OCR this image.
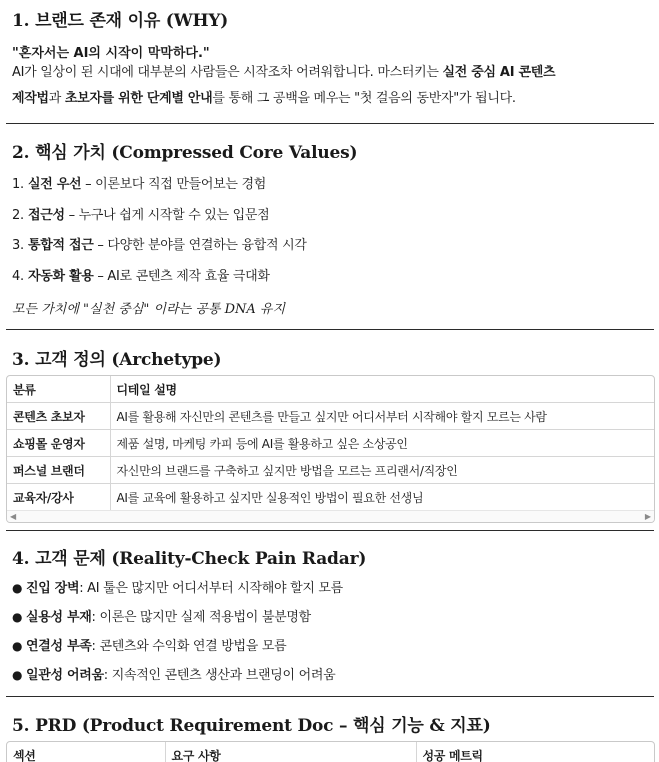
1. 브랜드 존재 이유 (WHY)

"혼자서는 AI의 시작이 막막하다."

AI가 일상이 된 시대에 대부분의 사람들은 시작조차 어려워합니다. 마스터키는 실전 중심 AI 콘텐츠
제작법과 초보자를 위한 단계별 안내를 통해 그 공백을 메우는 "첫 걸음의 동반자"가 됩니다.

2. 핵심 가치 (Compressed Core Values)
1. 실전 우선 – 이론보다 직접 만들어보는 경험
2. 접근성 – 누구나 쉽게 시작할 수 있는 입문점
3. 통합적 접근 – 다양한 분야를 연결하는 융합적 시각
4. 자동화 활용 – AI로 콘텐츠 제작 효율 극대화
모든 가치에 "실천 중심" 이라는 공통 DNA 유지
3. 고객 정의 (Archetype)
분류	디테일 설명
콘텐츠 초보자	AI를 활용해 자신만의 콘텐츠를 만들고 싶지만 어디서부터 시작해야 할지 모르는 사람
쇼핑몰 운영자	제품 설명, 마케팅 카피 등에 AI를 활용하고 싶은 소상공인
퍼스널 브랜더	자신만의 브랜드를 구축하고 싶지만 방법을 모르는 프리랜서/직장인
교육자/강사	AI를 교육에 활용하고 싶지만 실용적인 방법이 필요한 선생님
◀	▶
4. 고객 문제 (Reality-Check Pain Radar)
● 진입 장벽: AI 툴은 많지만 어디서부터 시작해야 할지 모름
● 실용성 부재: 이론은 많지만 실제 적용법이 불분명함
● 연결성 부족: 콘텐츠와 수익화 연결 방법을 모름
● 일관성 어려움: 지속적인 콘텐츠 생산과 브랜딩이 어려움
5. PRD (Product Requirement Doc – 핵심 기능 & 지표)
섹션	요구 사항	성공 메트릭
